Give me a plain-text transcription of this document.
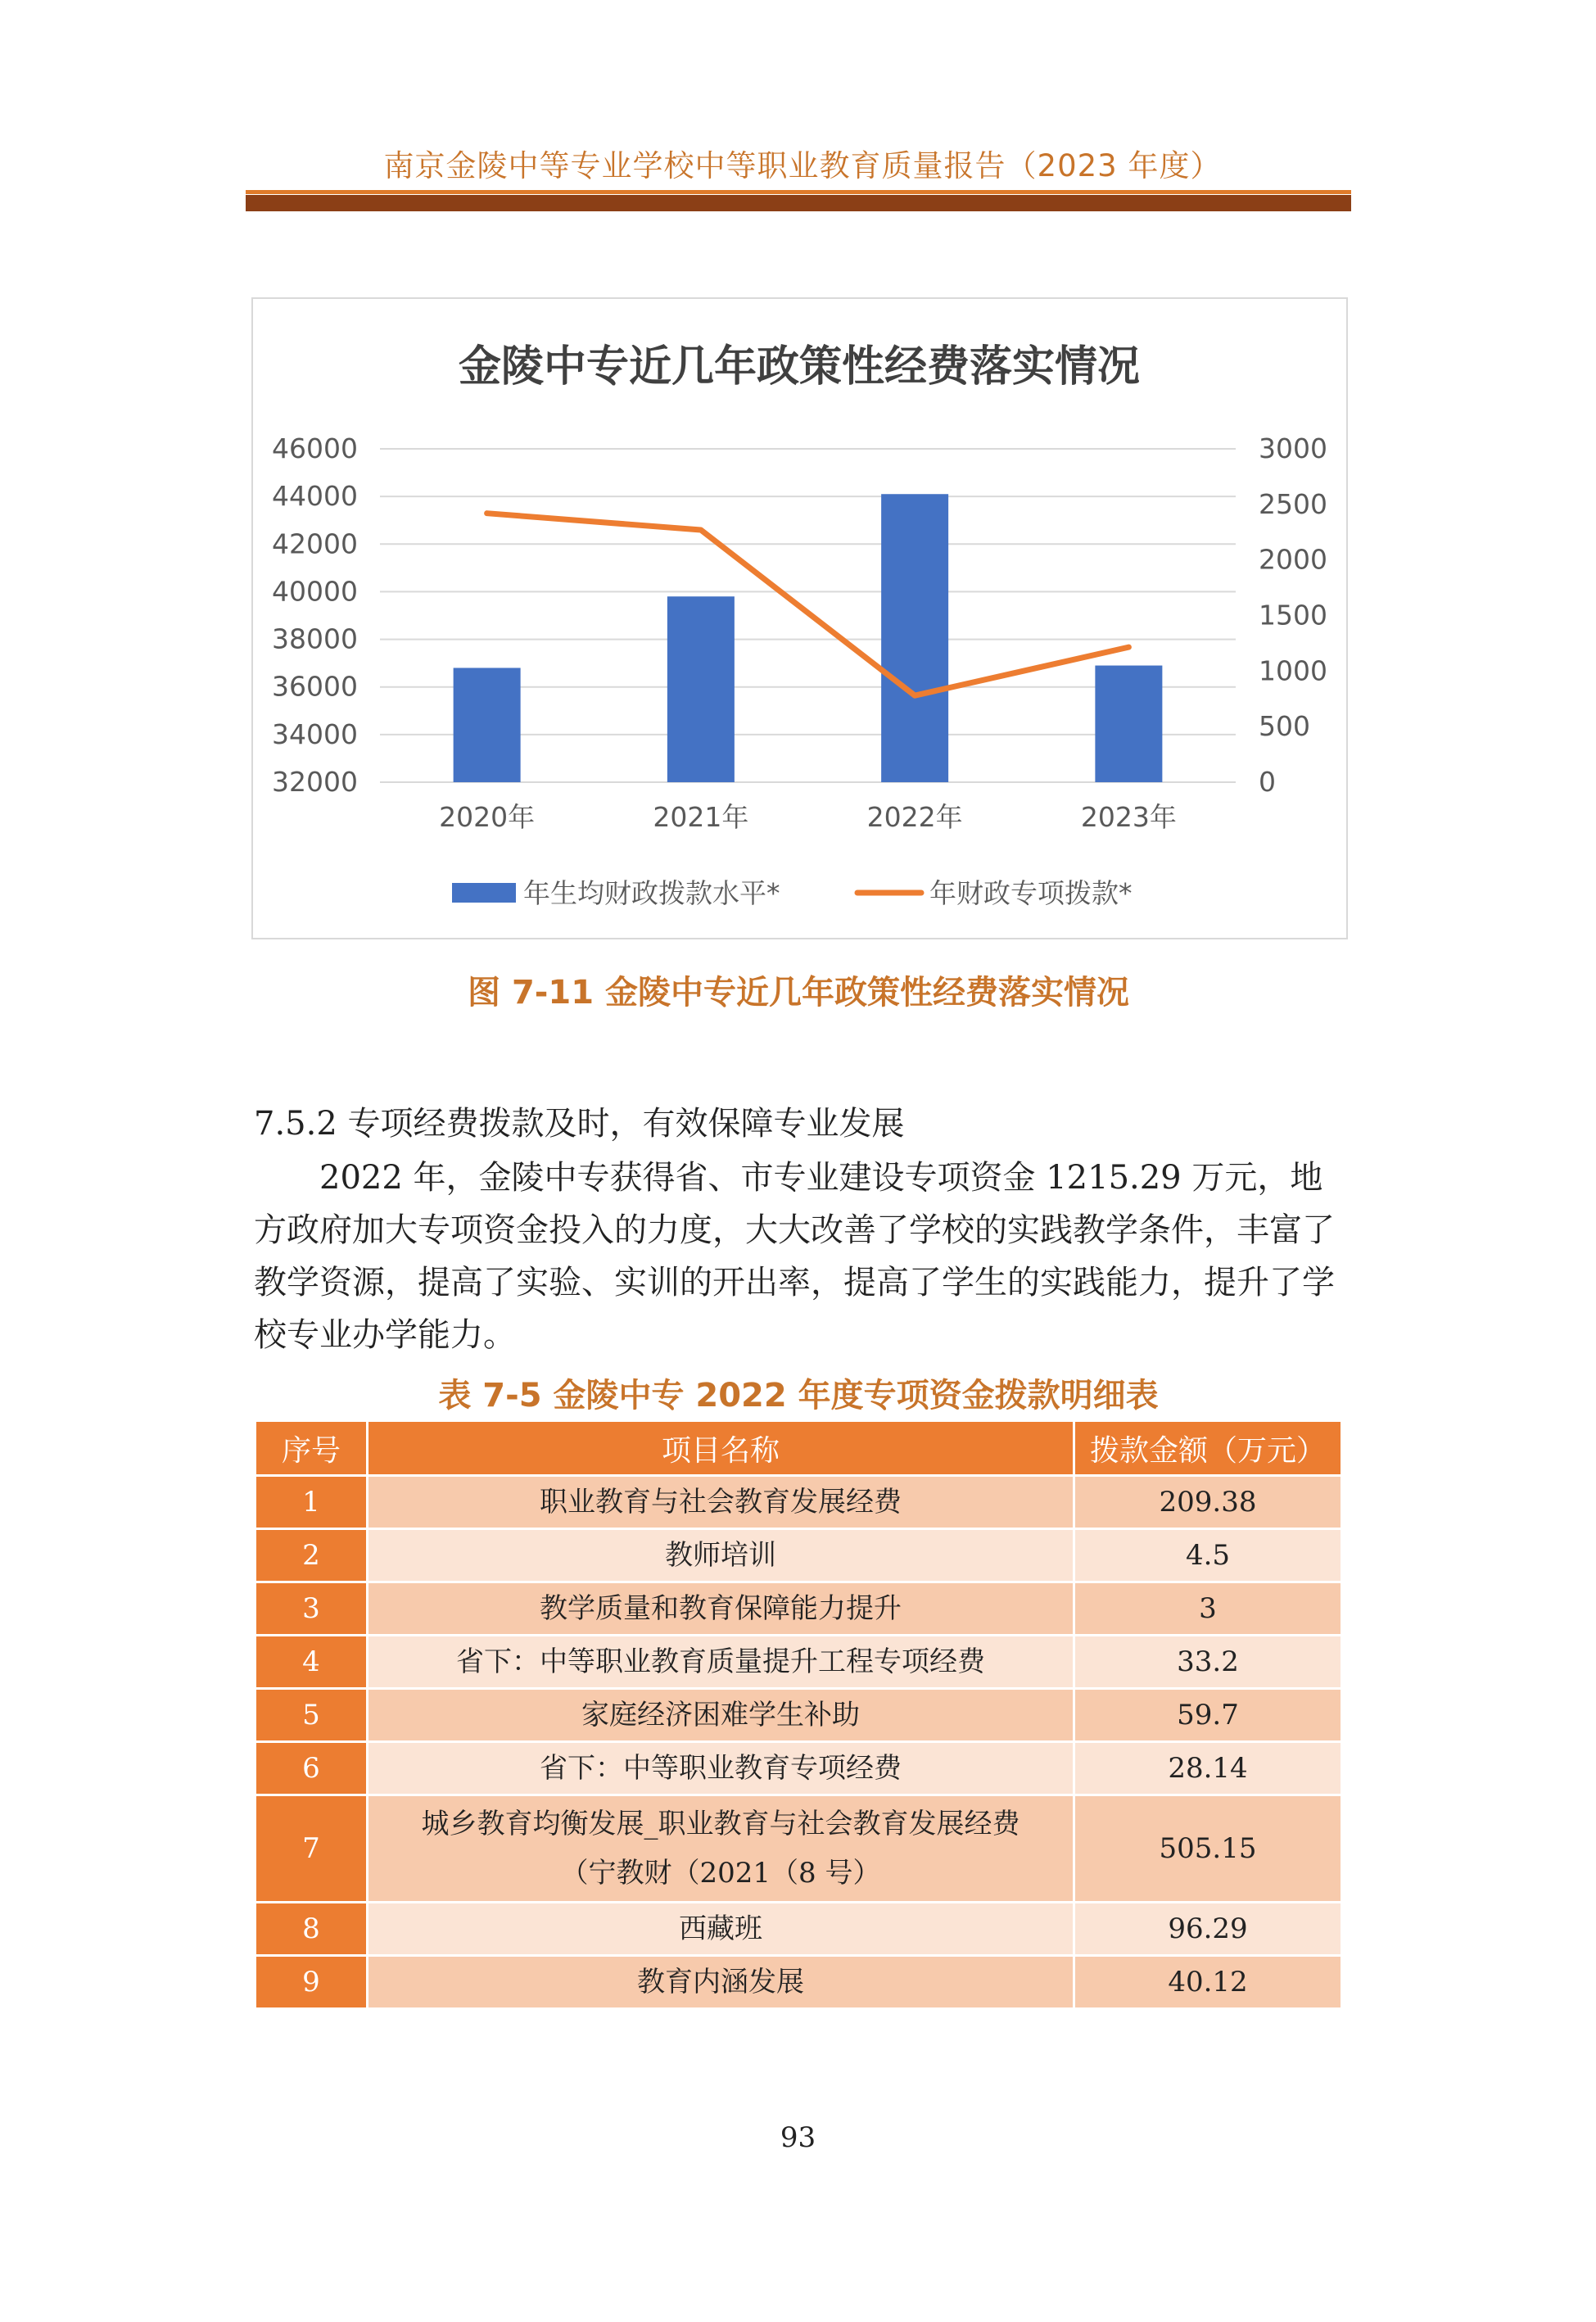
南京金陵中等专业学校中等职业教育质量报告（2023 年度）
金陵中专近几年政策性经费落实情况
46000
44000
42000
40000
38000
36000
34000
32000
3000
2500
2000
1500
1000
500
0
2020年	2021年	2022年	2023年
年生均财政拨款水平*	年财政专项拨款*
图 7-11 金陵中专近几年政策性经费落实情况
7.5.2 专项经费拨款及时，有效保障专业发展
2022 年，金陵中专获得省、市专业建设专项资金 1215.29 万元，地方政府加大专项资金投入的力度，大大改善了学校的实践教学条件，丰富了教学资源，提高了实验、实训的开出率，提高了学生的实践能力，提升了学校专业办学能力。
表 7-5 金陵中专 2022 年度专项资金拨款明细表
序号	项目名称	拨款金额（万元）
1	职业教育与社会教育发展经费	209.38
2	教师培训	4.5
3	教学质量和教育保障能力提升	3
4	省下：中等职业教育质量提升工程专项经费	33.2
5	家庭经济困难学生补助	59.7
6	省下：中等职业教育专项经费	28.14
7	城乡教育均衡发展_职业教育与社会教育发展经费（宁教财（2021（8 号）	505.15
8	西藏班	96.29
9	教育内涵发展	40.12
93
